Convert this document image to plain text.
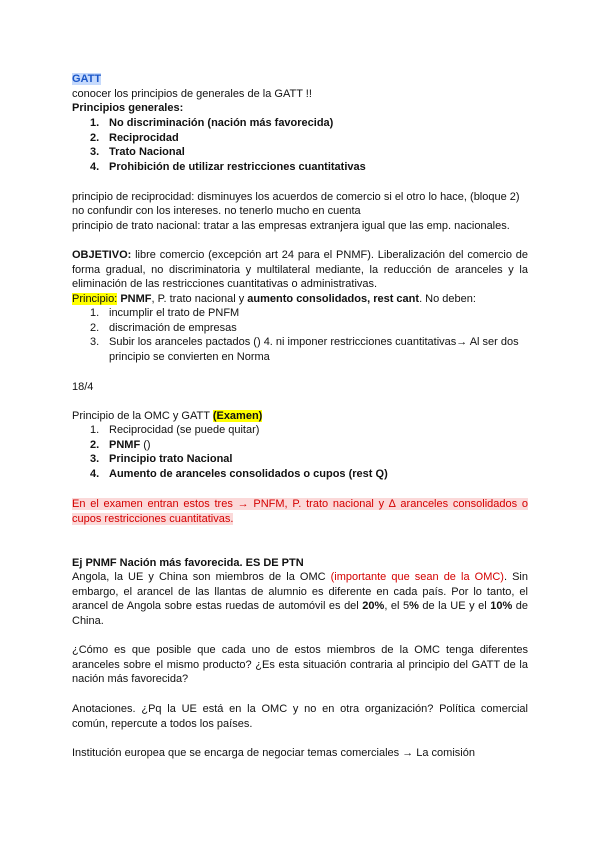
GATT
conocer los principios de generales de la GATT !!
Principios generales:
1. No discriminación (nación más favorecida)
2. Reciprocidad
3. Trato Nacional
4. Prohibición de utilizar restricciones cuantitativas
principio de reciprocidad: disminuyes los acuerdos de comercio si el otro lo hace, (bloque 2)
no confundir con los intereses. no tenerlo mucho en cuenta
principio de trato nacional: tratar a las empresas extranjera igual que las emp. nacionales.
OBJETIVO: libre comercio (excepción art 24 para el PNMF). Liberalización del comercio de forma gradual, no discriminatoria y multilateral mediante, la reducción de aranceles y la eliminación de las restricciones cuantitativas o administrativas.
Principio: PNMF, P. trato nacional y aumento consolidados, rest cant. No deben:
1. incumplir el trato de PNFM
2. discrimación de empresas
3. Subir los aranceles pactados () 4. ni imponer restricciones cuantitativas→ Al ser dos principio se convierten en Norma
18/4
Principio de la OMC y GATT (Examen)
1. Reciprocidad (se puede quitar)
2. PNMF ()
3. Principio trato Nacional
4. Aumento de aranceles consolidados o cupos (rest Q)
En el examen entran estos tres → PNFM, P. trato nacional y ∆ aranceles consolidados o cupos restricciones cuantitativas.
Ej PNMF Nación más favorecida. ES DE PTN
Angola, la UE y China son miembros de la OMC (importante que sean de la OMC). Sin embargo, el arancel de las llantas de alumnio es diferente en cada país. Por lo tanto, el arancel de Angola sobre estas ruedas de automóvil es del 20%, el 5% de la UE y el 10% de China.
¿Cómo es que posible que cada uno de estos miembros de la OMC tenga diferentes aranceles sobre el mismo producto? ¿Es esta situación contraria al principio del GATT de la nación más favorecida?
Anotaciones. ¿Pq la UE está en la OMC y no en otra organización? Política comercial común, repercute a todos los países.
Institución europea que se encarga de negociar temas comerciales → La comisión
